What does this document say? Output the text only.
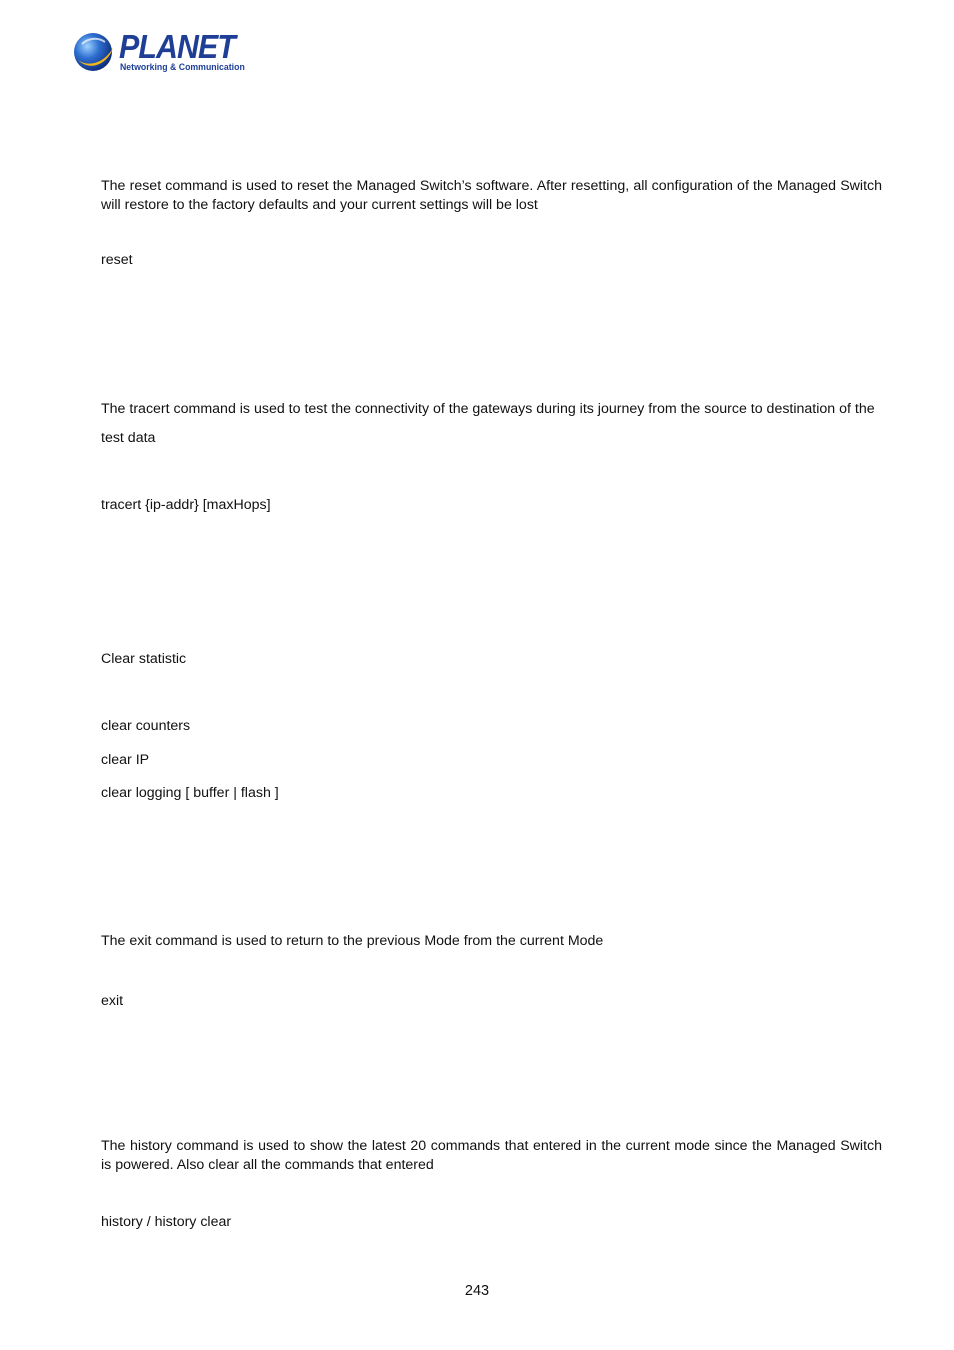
PLANET
Networking & Communication

The reset command is used to reset the Managed Switch’s software. After resetting, all configuration of the Managed Switch will restore to the factory defaults and your current settings will be lost

reset

The tracert command is used to test the connectivity of the gateways during its journey from the source to destination of the

test data

tracert {ip-addr} [maxHops]

Clear statistic

clear counters

clear IP

clear logging [ buffer | flash ]

The exit command is used to return to the previous Mode from the current Mode

exit

The history command is used to show the latest 20 commands that entered in the current mode since the Managed Switch is powered. Also clear all the commands that entered

history / history clear

243
